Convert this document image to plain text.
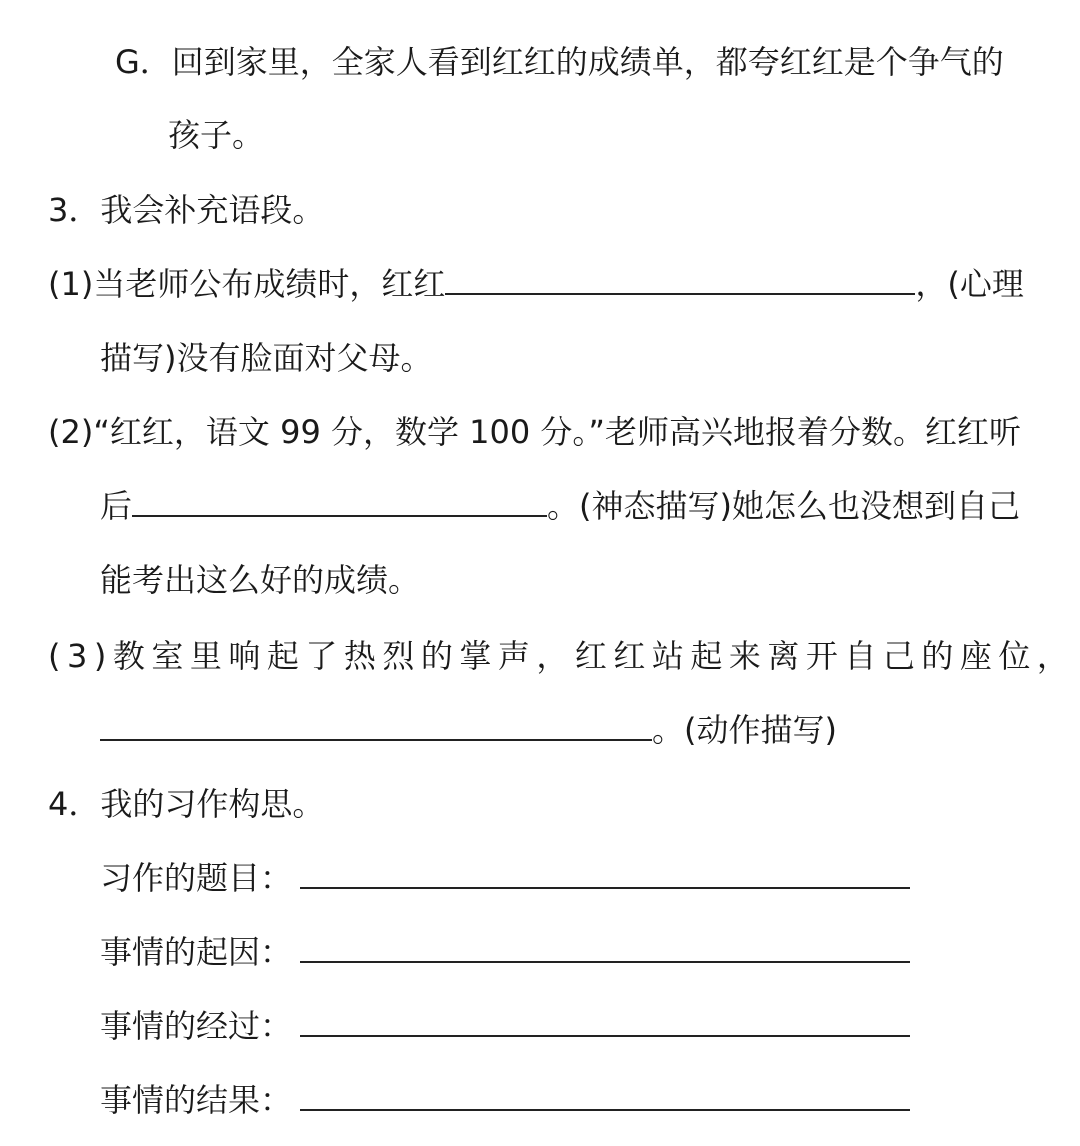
G．回到家里，全家人看到红红的成绩单，都夸红红是个争气的
孩子。
3．我会补充语段。
(1)当老师公布成绩时，红红	，(心理
描写)没有脸面对父母。
(2)“红红，语文 99 分，数学 100 分。”老师高兴地报着分数。红红听
后	。(神态描写)她怎么也没想到自己
能考出这么好的成绩。
(3)教室里响起了热烈的掌声，红红站起来离开自己的座位，
。(动作描写)
4．我的习作构思。
习作的题目：
事情的起因：
事情的经过：
事情的结果：
